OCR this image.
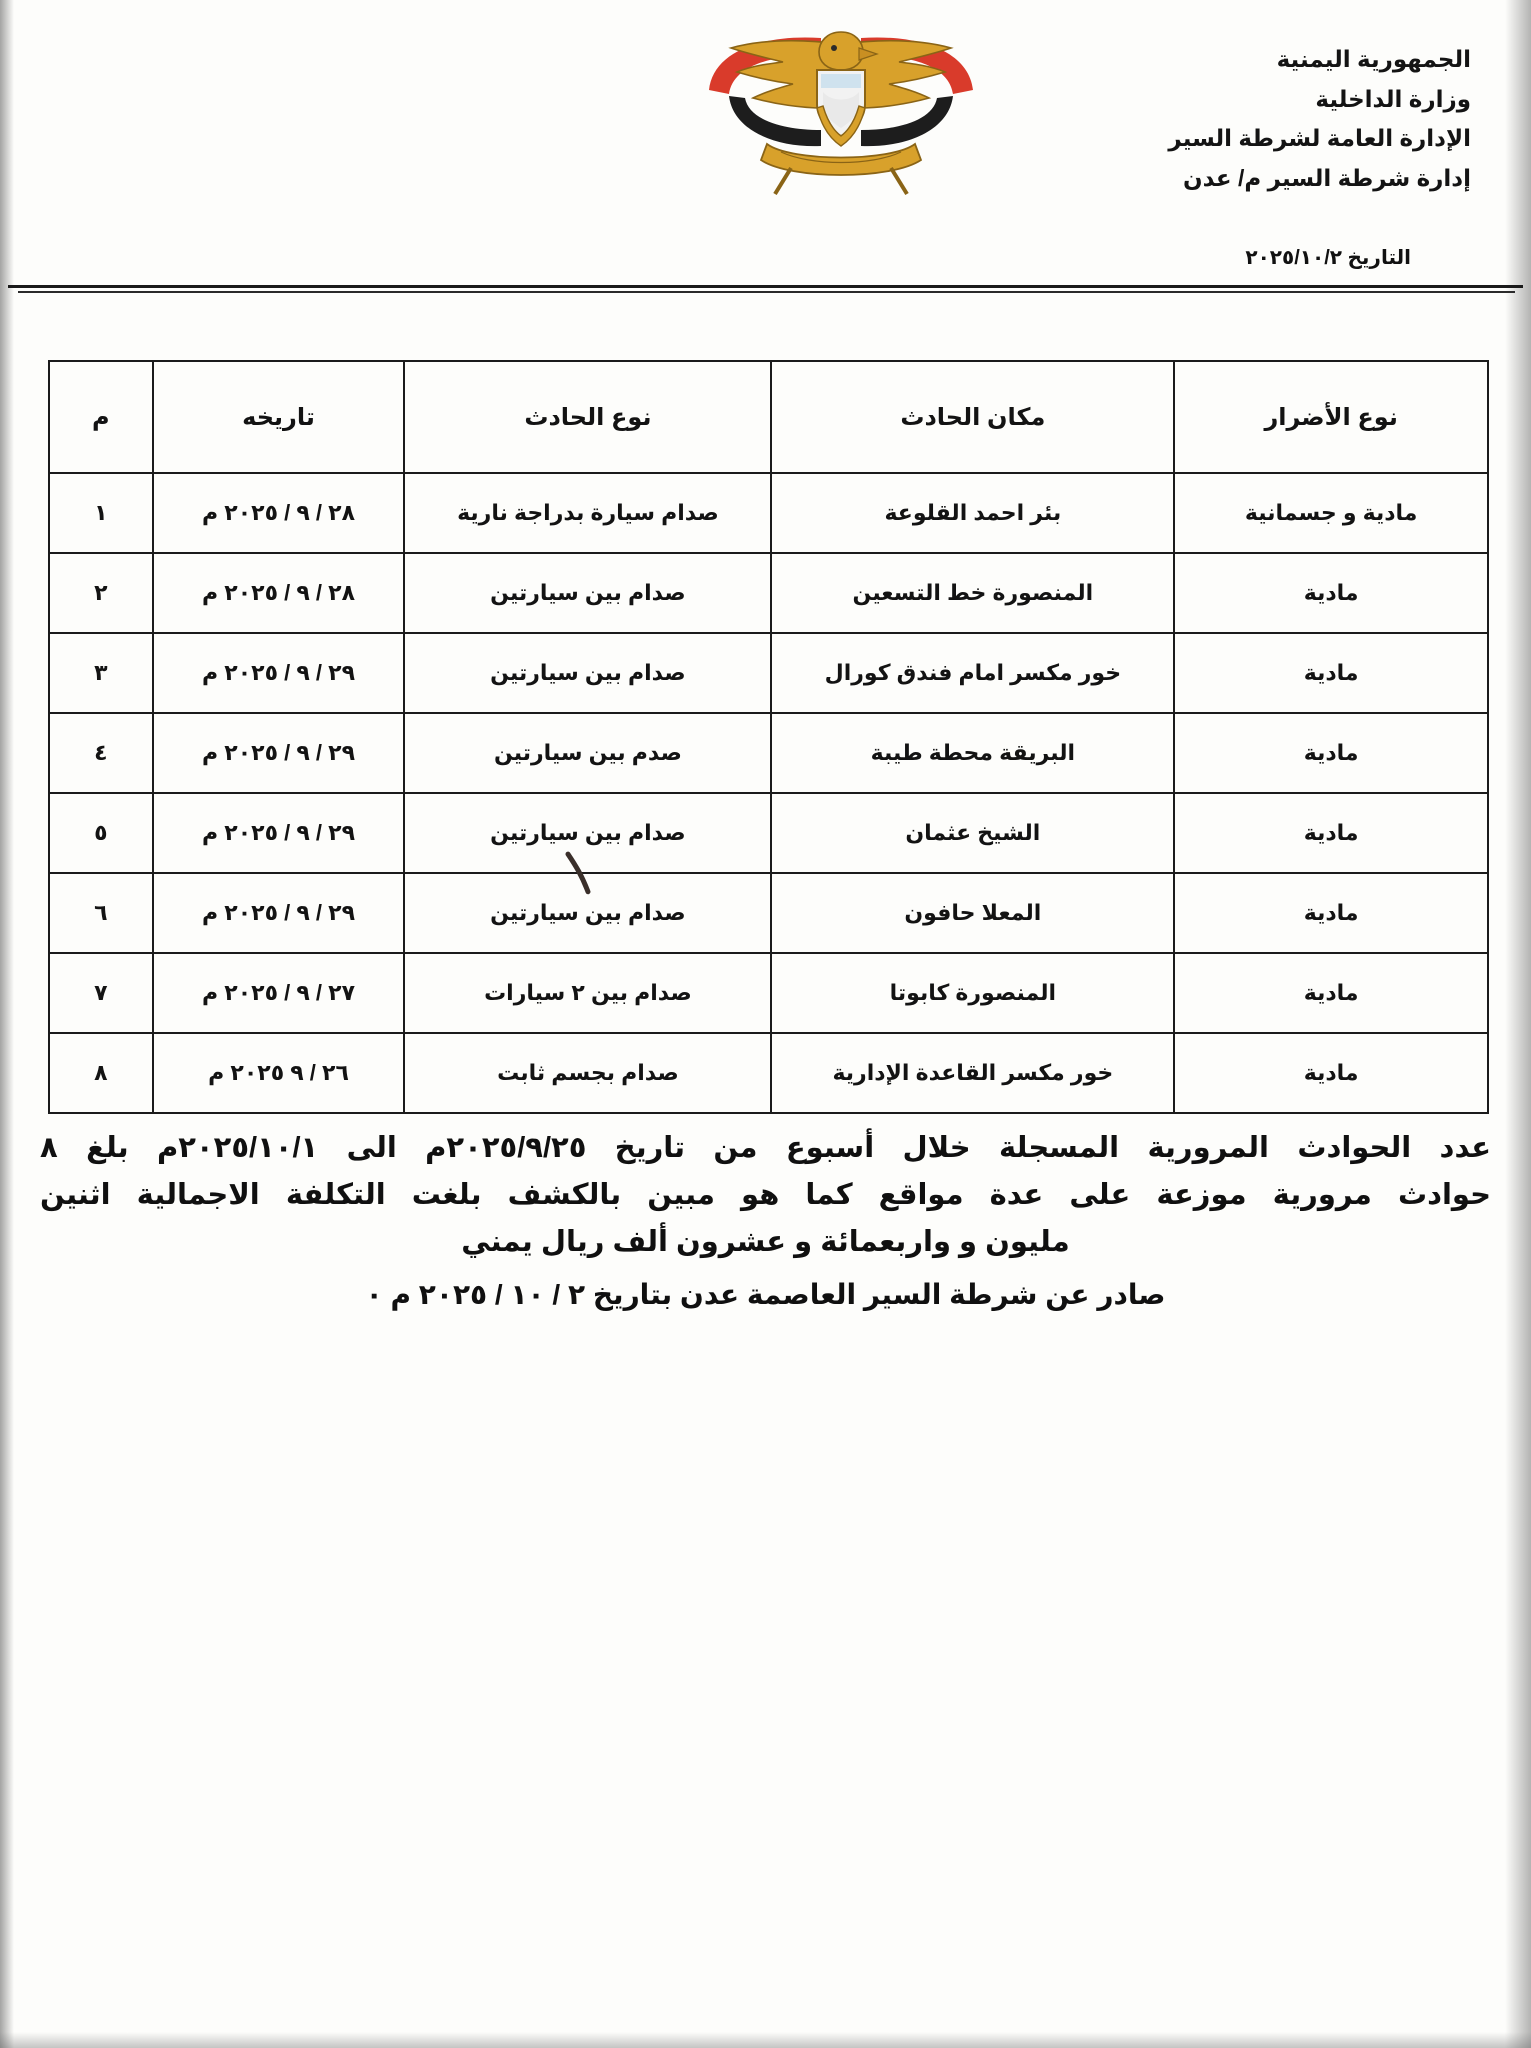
الجمهورية اليمنية
وزارة الداخلية
الإدارة العامة لشرطة السير
إدارة شرطة السير م/ عدن
التاريخ ٢٠٢٥/١٠/٢
نوع الأضرار	مكان الحادث	نوع الحادث	تاريخه	م
مادية و جسمانية	بئر احمد القلوعة	صدام سيارة بدراجة نارية	٢٨ / ٩ / ٢٠٢٥ م	١
مادية	المنصورة خط التسعين	صدام بين سيارتين	٢٨ / ٩ / ٢٠٢٥ م	٢
مادية	خور مكسر امام فندق كورال	صدام بين سيارتين	٢٩ / ٩ / ٢٠٢٥ م	٣
مادية	البريقة محطة طيبة	صدم بين سيارتين	٢٩ / ٩ / ٢٠٢٥ م	٤
مادية	الشيخ عثمان	صدام بين سيارتين	٢٩ / ٩ / ٢٠٢٥ م	٥
مادية	المعلا حافون	صدام بين سيارتين	٢٩ / ٩ / ٢٠٢٥ م	٦
مادية	المنصورة كابوتا	صدام بين ٢ سيارات	٢٧ / ٩ / ٢٠٢٥ م	٧
مادية	خور مكسر القاعدة الإدارية	صدام بجسم ثابت	٢٦ / ٩ ٢٠٢٥ م	٨
عدد الحوادث المرورية المسجلة خلال أسبوع من تاريخ ٢٠٢٥/٩/٢٥م الى ٢٠٢٥/١٠/١م بلغ ٨
حوادث مرورية موزعة على عدة مواقع كما هو مبين بالكشف بلغت التكلفة الاجمالية اثنين
مليون و واربعمائة و عشرون ألف ريال يمني
صادر عن شرطة السير العاصمة عدن بتاريخ ٢ / ١٠ / ٢٠٢٥ م ٠
